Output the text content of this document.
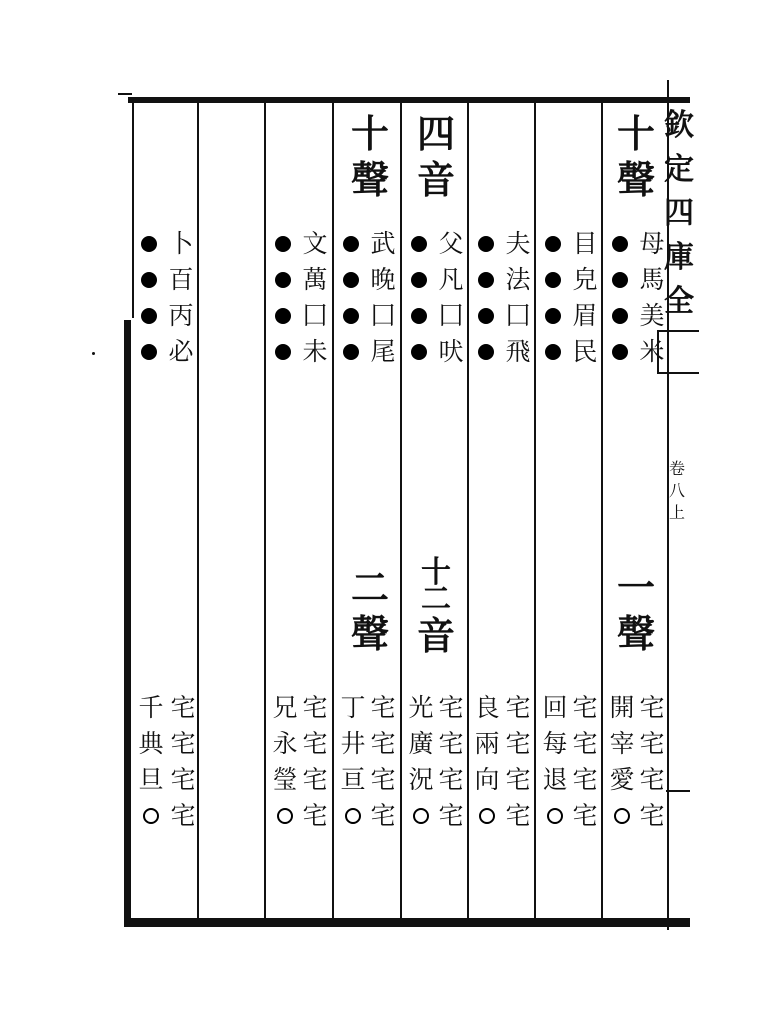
欽
定
四
庫
全
卷
八
上
卜
百
丙
必
文
萬
囗
未
十
聲
武
晚
囗
尾
四
音
父
凡
囗
吠
夫
法
囗
飛
目
皃
眉
民
十
聲
母
馬
美
米
二
聲
十
二
音
一
聲
千
典
旦
宅
宅
宅
宅
兄
永
瑩
宅
宅
宅
宅
丁
井
亘
宅
宅
宅
宅
光
廣
況
宅
宅
宅
宅
良
兩
向
宅
宅
宅
宅
回
每
退
宅
宅
宅
宅
開
宰
愛
宅
宅
宅
宅
